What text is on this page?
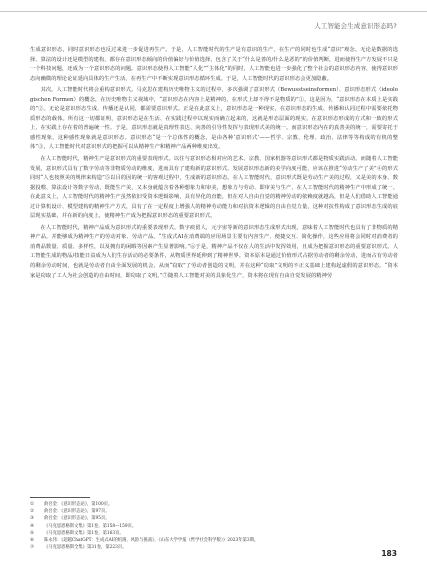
人工智能会生成意识形态吗?

生成意识形态，同时意识形态也反过来进一步促进再生产。于是，人工智能时代的生产是有意识的生产，在生产的同时也生成“意识”观念。无论是数据的选择、算法的设计还是模型的建构，都存在意识形态倾向的价值偏好与价值选择，包含了关于“什么是善的/什么是恶的”的价值判断，进而使得生产方发展不只是一个科技问题，还成为一个意识形态的问题。意识形态使得人工智能“人化”“主体化”的同时，人工智能也进一步强化了整个社会的意识形态内容，使得意识形态向幽微的理论论证延向具体的生产生活，在再生产中不断实现意识形态循环生成。于是，人工智能时代的意识形态会更加隐蔽。

其次，人工智能时代将会重构意识形式。马克思在建构历史唯物主义的过程中，多次强调了意识形式（Bewusstseinsformen）、意识形态形式（ideologischen Formen）的概念，在历史唯物主义视域中，“意识形态在内容上是精神的，在形式上却不得不是物质的”①，这是因为，“意识形态在本质上是实践的”②。无论是意识形态生成、传播还是认同，都需要意识形式。正是在此意义上，意识形态是一种现实，在意识形态的生成、传播和认同过程中需要依托物质形态的载体。所有这一切都证明，意识形态是在生活、在实践过程中以现实而确立起来的，这就是形态层面的现实。在意识形态形成的方式和一致的形式上，在实践上存在着的普遍统一性。于是，意识形态就是真理性表达、向善的引导性发挥与表现形式美的统一。而意识形态内在的真善美的统一，需要寄托于感性现象，这种感性现象就是意识形态。意识形态“是一个总体性的概念，是由各种‘意识形式’——哲学、宗教、伦理、政治、法律等等构成的有机的整体”③，人工智能时代对意识形式的把握可以从精神生产和精神产品两种维度出发。

在人工智能时代，精神生产是意识形式的重要表现形式。以往与意识形态相对应的艺术、宗教、国家机器等意识形式都是物质实践活动。而随着人工智能发展，意识形式具有了数字劳动等非物质劳动的维度，进而具有了建构新的意识形式。发展意识形态新的美学向度可能，应该在推进“劳动生产了美”④的形式同时“人也按照美的规律来构造”⑤以目的因的统一的客观过程中，生成新的意识形态。在人工智能时代，意识形式既是劳动生产美的过程，又是美的本身。数据投喂、算法设计等数字劳动，既能生产美，又本身就蕴含着各种想象力和审美，想象力与劳动、即审美与生产，在人工智能时代的精神生产中形成了统一。在此意义上，人工智能时代的精神生产虽然依旧受资本逻辑影响，具有异化的直能，但在对人自由自觉的精神劳动的依赖度就越高，但是人们借助人工智能通过计算机设计、模型建构的精神生产方式，具有了在一定程度上增强人的精神劳动能力和对抗资本逻辑的自由自觉力量，这种对抗性构成了意识形态生成的底层现实基础，并在新的向度上，使精神生产成为把握意识形态的重要意识形式。

在人工智能时代，精神产品成为意识形式的重要表现形式。数字痕留人，元宇宙等新的意识形态生成形式出现，意味着人工智能时代也具有了非物质的精神产品，并能够成为精神生产的劳动对象、劳动产品。“生成式AI在消费端的应用场景主要有内容生产、便捷交互、简化操作，这些应用将会同时对消费者的消费品数量、质量、多样性，以及拥有的闲暇等因素产生显著影响。”⑥于是，精神产品不仅在人的生活中发挥效用，且成为把握意识形态的重要意识形式。人工智能生成的物品/技能日益成为人们生存活动的必要条件，从物质世界延伸到了精神世界。资本原本是通过价值形式占据劳动者的剩余劳动，进而占有劳动者的剩余劳动时间，也就是劳动者自由全面发展的机会，从而“窃取”了劳动者创造的文明，并在这种“窃取”文明的不正义基础上建构起虚假的意识形态。“资本家是窃取了工人为社会创造的自由时间，即窃取了文明。”⑦随着人工智能对美的具象化生产，资本将在现有自由自觉发展的精神劳

① 俞吾金：《意识形态论》，第100页。
② 俞吾金：《意识形态论》，第97页。
③ 俞吾金：《意识形态论》，第95页。
④ 《马克思恩格斯文集》第1卷，第158—159页。
⑤ 《马克思恩格斯文集》第1卷，第163页。
⑥ 陈永伟：《超越ChatGPT：生成式AI的机遇、风险与挑战》，《山东大学学报（哲学社会科学版）》2023年第3期。
⑦ 《马克思恩格斯全集》第31卷，第223页。
183
